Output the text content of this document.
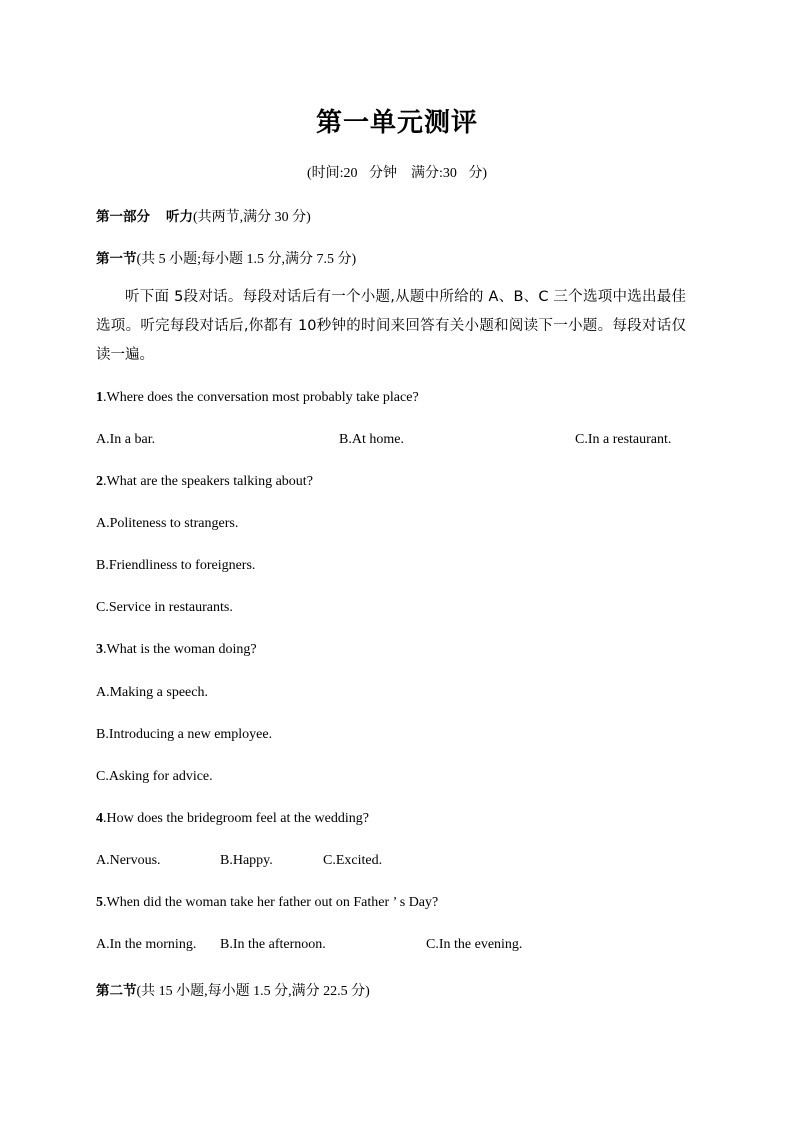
第一单元测评
(时间:20 分钟　满分:30 分)
第一部分 听力(共两节,满分 30 分)
第一节(共 5 小题;每小题 1.5 分,满分 7.5 分)
听下面 5段对话。每段对话后有一个小题,从题中所给的 A、B、C 三个选项中选出最佳选项。听完每段对话后,你都有 10秒钟的时间来回答有关小题和阅读下一小题。每段对话仅读一遍。
1.Where does the conversation most probably take place?
A.In a bar.	B.At home.	C.In a restaurant.
2.What are the speakers talking about?
A.Politeness to strangers.
B.Friendliness to foreigners.
C.Service in restaurants.
3.What is the woman doing?
A.Making a speech.
B.Introducing a new employee.
C.Asking for advice.
4.How does the bridegroom feel at the wedding?
A.Nervous.	B.Happy.	C.Excited.
5.When did the woman take her father out on Father ’ s Day?
A.In the morning. B.In the afternoon.	C.In the evening.
第二节(共 15 小题,每小题 1.5 分,满分 22.5 分)
